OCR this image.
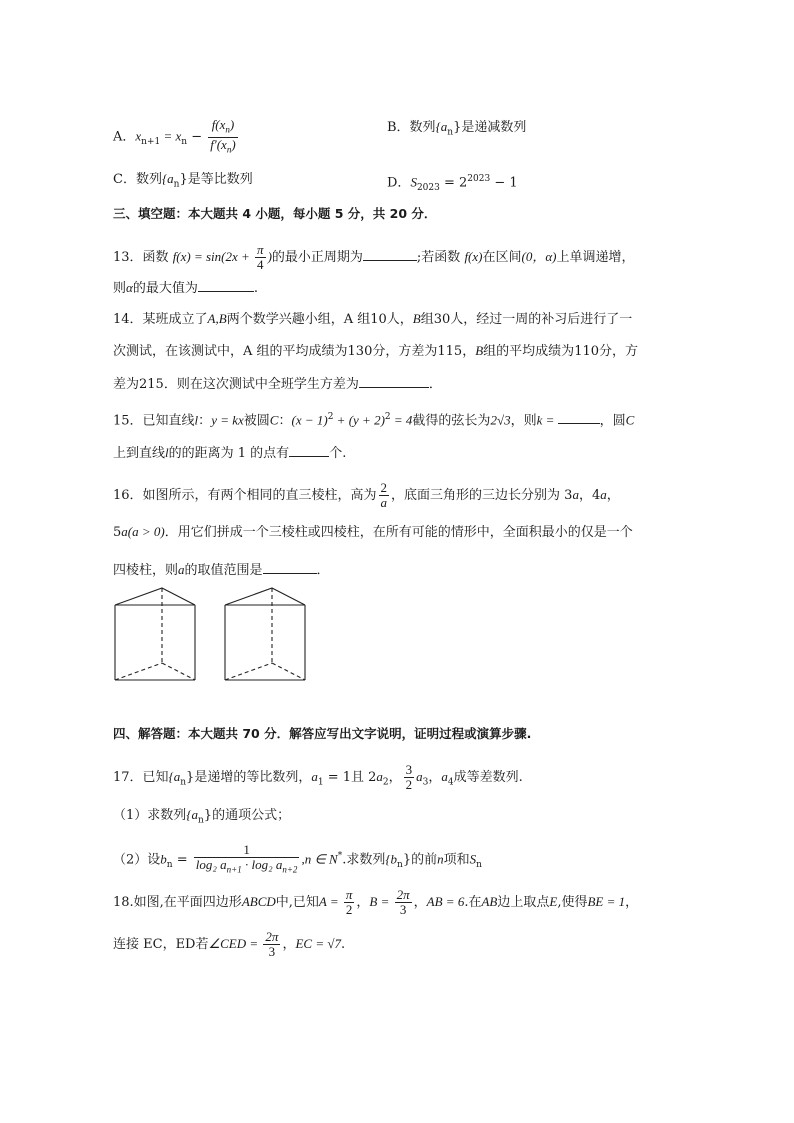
A．$x_{n+1} = x_n - \frac{f(x_n)}{f'(x_n)}$	B．数列$\{a_n\}$是递减数列
C．数列$\{a_n\}$是等比数列	D．$S_{2023} = 2^{2023} - 1$
三、填空题：本大题共 4 小题，每小题 5 分，共 20 分．
13．函数 $f(x) = \sin(2x + \frac{\pi}{4}$ )的最小正周期为	;若函数 f(x)在区间(0，α)上单调递增，
则α的最大值为	.
14．某班成立了A,B两个数学兴趣小组，A 组10人，B组30人，经过一周的补习后进行了一
次测试，在该测试中，A 组的平均成绩为130分，方差为115，B组的平均成绩为110分，方
差为215．则在这次测试中全班学生方差为	．
15．已知直线l：y = kx被圆C：$(x - 1)^2 + (y + 2)^2 = 4$截得的弦长为2√3，则k =	，圆C
上到直线l的的距离为 1 的点有	个.
16．如图所示，有两个相同的直三棱柱，高为 $\frac{2}{a}$ ，底面三角形的三边长分别为 3a，4a，
5a(a > 0)．用它们拼成一个三棱柱或四棱柱，在所有可能的情形中，全面积最小的仅是一个
四棱柱，则a的取值范围是	．
四、解答题：本大题共 70 分．解答应写出文字说明，证明过程或演算步骤.
17．已知$\{a_n\}$是递增的等比数列，$a_1 = 1$且 $2a_2$， $\frac{3}{2} a_3$，$a_4$成等差数列.
（1）求数列$\{a_n\}$的通项公式；
（2）设$b_n = \frac{1}{\log_2 a_{n+1} \cdot \log_2 a_{n+2}} ,n$ ∈ N*.求数列$\{b_n\}$的前n项和$S_n$
18.如图,在平面四边形ABCD中,已知$A = \frac{\pi}{2}$ ，$B = \frac{2\pi}{3}$ ，AB = 6.在AB边上取点E,使得BE = 1，
连接 EC，ED若∠CED = $\frac{2\pi}{3}$ ，EC = √7.
